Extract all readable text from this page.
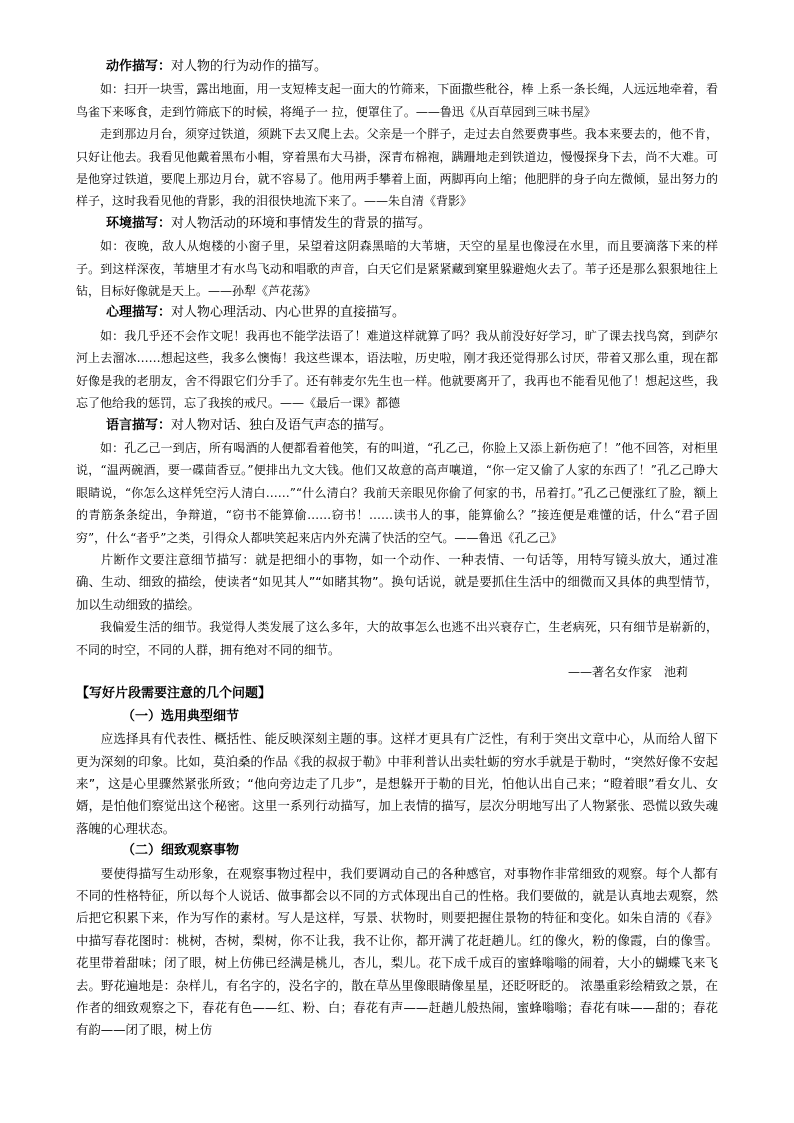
动作描写：对人物的行为动作的描写。

如：扫开一块雪，露出地面，用一支短棒支起一面大的竹筛来，下面撒些秕谷，棒 上系一条长绳，人远远地牵着，看鸟雀下来啄食，走到竹筛底下的时候，将绳子一 拉，便罩住了。——鲁迅《从百草园到三味书屋》

走到那边月台，须穿过铁道，须跳下去又爬上去。父亲是一个胖子，走过去自然要费事些。我本来要去的，他不肯，只好让他去。我看见他戴着黑布小帽，穿着黑布大马褂，深青布棉袍，蹒跚地走到铁道边，慢慢探身下去，尚不大难。可是他穿过铁道，要爬上那边月台，就不容易了。他用两手攀着上面，两脚再向上缩；他肥胖的身子向左微倾，显出努力的样子，这时我看见他的背影，我的泪很快地流下来了。——朱自清《背影》

环境描写：对人物活动的环境和事情发生的背景的描写。

如：夜晚，敌人从炮楼的小窗子里，呆望着这阴森黑暗的大苇塘，天空的星星也像浸在水里，而且要滴落下来的样子。到这样深夜，苇塘里才有水鸟飞动和唱歌的声音，白天它们是紧紧藏到窠里躲避炮火去了。苇子还是那么狠狠地往上钻，目标好像就是天上。——孙犁《芦花荡》

心理描写：对人物心理活动、内心世界的直接描写。

如：我几乎还不会作文呢！我再也不能学法语了！难道这样就算了吗？我从前没好好学习，旷了课去找鸟窝，到萨尔河上去溜冰……想起这些，我多么懊悔！我这些课本，语法啦，历史啦，刚才我还觉得那么讨厌，带着又那么重，现在都好像是我的老朋友，舍不得跟它们分手了。还有韩麦尔先生也一样。他就要离开了，我再也不能看见他了！想起这些，我忘了他给我的惩罚，忘了我挨的戒尺。——《最后一课》都德

语言描写：对人物对话、独白及语气声态的描写。

如：孔乙己一到店，所有喝酒的人便都看着他笑，有的叫道，“孔乙己，你脸上又添上新伤疤了！”他不回答，对柜里说，“温两碗酒，要一碟茴香豆。”便排出九文大钱。他们又故意的高声嚷道，“你一定又偷了人家的东西了！”孔乙己睁大眼睛说，“你怎么这样凭空污人清白……”“什么清白？我前天亲眼见你偷了何家的书，吊着打。”孔乙己便涨红了脸，额上的青筋条条绽出，争辩道，“窃书不能算偷……窃书！……读书人的事，能算偷么？”接连便是难懂的话，什么“君子固穷”，什么“者乎”之类，引得众人都哄笑起来店内外充满了快活的空气。——鲁迅《孔乙己》

片断作文要注意细节描写：就是把细小的事物，如一个动作、一种表情、一句话等，用特写镜头放大，通过准确、生动、细致的描绘，使读者“如见其人”“如睹其物”。换句话说，就是要抓住生活中的细微而又具体的典型情节，加以生动细致的描绘。

我偏爱生活的细节。我觉得人类发展了这么多年，大的故事怎么也逃不出兴衰存亡，生老病死，只有细节是崭新的，不同的时空，不同的人群，拥有绝对不同的细节。

——著名女作家　池莉

【写好片段需要注意的几个问题】

（一）选用典型细节

应选择具有代表性、概括性、能反映深刻主题的事。这样才更具有广泛性，有利于突出文章中心，从而给人留下更为深刻的印象。比如，莫泊桑的作品《我的叔叔于勒》中菲利普认出卖牡蛎的穷水手就是于勒时，“突然好像不安起来”，这是心里骤然紧张所致；“他向旁边走了几步”，是想躲开于勒的目光，怕他认出自己来；“瞪着眼”看女儿、女婿，是怕他们察觉出这个秘密。这里一系列行动描写，加上表情的描写，层次分明地写出了人物紧张、恐慌以致失魂落魄的心理状态。

（二）细致观察事物

要使得描写生动形象，在观察事物过程中，我们要调动自己的各种感官，对事物作非常细致的观察。每个人都有不同的性格特征，所以每个人说话、做事都会以不同的方式体现出自己的性格。我们要做的，就是认真地去观察，然后把它积累下来，作为写作的素材。写人是这样，写景、状物时，则要把握住景物的特征和变化。如朱自清的《春》中描写春花图时：桃树，杏树，梨树，你不让我，我不让你，都开满了花赶趟儿。红的像火，粉的像霞，白的像雪。花里带着甜味；闭了眼，树上仿佛已经满是桃儿，杏儿，梨儿。花下成千成百的蜜蜂嗡嗡的闹着，大小的蝴蝶飞来飞去。野花遍地是：杂样儿，有名字的，没名字的，散在草丛里像眼睛像星星，还眨呀眨的。 浓墨重彩绘精致之景，在作者的细致观察之下，春花有色——红、粉、白；春花有声——赶趟儿般热闹，蜜蜂嗡嗡；春花有味——甜的；春花有韵——闭了眼，树上仿
